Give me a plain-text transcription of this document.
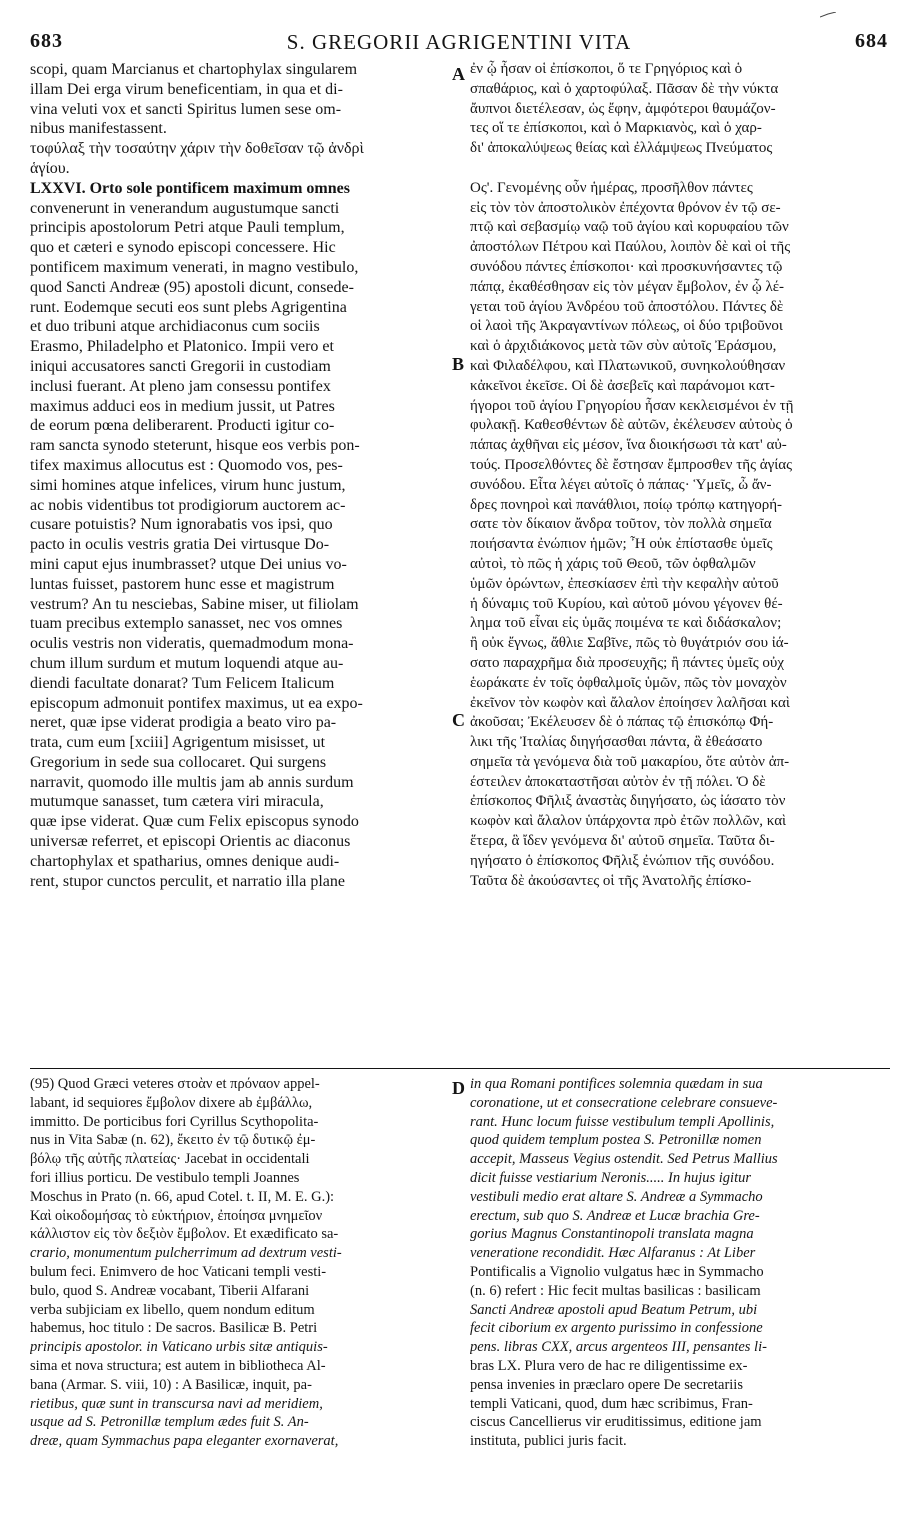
683	S. GREGORII AGRIGENTINI VITA	684
scopi, quam Marcianus et chartophylax singularem
illam Dei erga virum beneficentiam, in qua et di-
vina veluti vox et sancti Spiritus lumen sese om-
nibus manifestassent.
τοφύλαξ τὴν τοσαύτην χάριν τὴν δοθεῖσαν τῷ ἀνδρὶ
ἁγίου.
LXXVI. Orto sole pontificem maximum omnes
convenerunt in venerandum augustumque sancti
principis apostolorum Petri atque Pauli templum,
quo et cæteri e synodo episcopi concessere. Hic
pontificem maximum venerati, in magno vestibulo,
quod Sancti Andreæ (95) apostoli dicunt, consede-
runt. Eodemque secuti eos sunt plebs Agrigentina
et duo tribuni atque archidiaconus cum sociis
Erasmo, Philadelpho et Platonico. Impii vero et
iniqui accusatores sancti Gregorii in custodiam
inclusi fuerant. At pleno jam consessu pontifex
maximus adduci eos in medium jussit, ut Patres
de eorum pœna deliberarent. Producti igitur co-
ram sancta synodo steterunt, hisque eos verbis pon-
tifex maximus allocutus est : Quomodo vos, pes-
simi homines atque infelices, virum hunc justum,
ac nobis videntibus tot prodigiorum auctorem ac-
cusare potuistis? Num ignorabatis vos ipsi, quo
pacto in oculis vestris gratia Dei virtusque Do-
mini caput ejus inumbrasset? utque Dei unius vo-
luntas fuisset, pastorem hunc esse et magistrum
vestrum? An tu nesciebas, Sabine miser, ut filiolam
tuam precibus extemplo sanasset, nec vos omnes
oculis vestris non videratis, quemadmodum mona-
chum illum surdum et mutum loquendi atque au-
diendi facultate donarat? Tum Felicem Italicum
episcopum admonuit pontifex maximus, ut ea expo-
neret, quæ ipse viderat prodigia a beato viro pa-
trata, cum eum [xciii] Agrigentum misisset, ut
Gregorium in sede sua collocaret. Qui surgens
narravit, quomodo ille multis jam ab annis surdum
mutumque sanasset, tum cætera viri miracula,
quæ ipse viderat. Quæ cum Felix episcopus synodo
universæ referret, et episcopi Orientis ac diaconus
chartophylax et spatharius, omnes denique audi-
rent, stupor cunctos perculit, et narratio illa plane
ἐν ᾧ ἦσαν οἱ ἐπίσκοποι, ὅ τε Γρηγόριος καὶ ὁ
σπαθάριος, καὶ ὁ χαρτοφύλαξ. Πᾶσαν δὲ τὴν νύκτα
ἄυπνοι διετέλεσαν, ὡς ἔφην, ἀμφότεροι θαυμάζον-
τες οἵ τε ἐπίσκοποι, καὶ ὁ Μαρκιανὸς, καὶ ὁ χαρ-
δι' ἀποκαλύψεως θείας καὶ ἐλλάμψεως Πνεύματος

Ος'. Γενομένης οὖν ἡμέρας, προσῆλθον πάντες
εἰς τὸν τὸν ἀποστολικὸν ἐπέχοντα θρόνον ἐν τῷ σε-
πτῷ καὶ σεβασμίῳ ναῷ τοῦ ἁγίου καὶ κορυφαίου τῶν
ἀποστόλων Πέτρου καὶ Παύλου, λοιπὸν δὲ καὶ οἱ τῆς
συνόδου πάντες ἐπίσκοποι· καὶ προσκυνήσαντες τῷ
πάπᾳ, ἐκαθέσθησαν εἰς τὸν μέγαν ἔμβολον, ἐν ᾧ λέ-
γεται τοῦ ἁγίου Ἀνδρέου τοῦ ἀποστόλου. Πάντες δὲ
οἱ λαοὶ τῆς Ἀκραγαντίνων πόλεως, οἱ δύο τριβοῦνοι
καὶ ὁ ἀρχιδιάκονος μετὰ τῶν σὺν αὐτοῖς Ἐράσμου,
καὶ Φιλαδέλφου, καὶ Πλατωνικοῦ, συνηκολούθησαν
κἀκεῖνοι ἐκεῖσε. Οἱ δὲ ἀσεβεῖς καὶ παράνομοι κατ-
ήγοροι τοῦ ἁγίου Γρηγορίου ἦσαν κεκλεισμένοι ἐν τῇ
φυλακῇ. Καθεσθέντων δὲ αὐτῶν, ἐκέλευσεν αὐτοὺς ὁ
πάπας ἀχθῆναι εἰς μέσον, ἵνα διοικήσωσι τὰ κατ' αὐ-
τούς. Προσελθόντες δὲ ἔστησαν ἔμπροσθεν τῆς ἁγίας
συνόδου. Εἶτα λέγει αὐτοῖς ὁ πάπας· Ὑμεῖς, ὦ ἄν-
δρες πονηροὶ καὶ πανάθλιοι, ποίῳ τρόπῳ κατηγορή-
σατε τὸν δίκαιον ἄνδρα τοῦτον, τὸν πολλὰ σημεῖα
ποιήσαντα ἐνώπιον ἡμῶν; Ἦ οὐκ ἐπίστασθε ὑμεῖς
αὐτοὶ, τὸ πῶς ἡ χάρις τοῦ Θεοῦ, τῶν ὀφθαλμῶν
ὑμῶν ὁρώντων, ἐπεσκίασεν ἐπὶ τὴν κεφαλὴν αὐτοῦ
ἡ δύναμις τοῦ Κυρίου, καὶ αὐτοῦ μόνου γέγονεν θέ-
λημα τοῦ εἶναι εἰς ὑμᾶς ποιμένα τε καὶ διδάσκαλον;
ἢ οὐκ ἔγνως, ἄθλιε Σαβῖνε, πῶς τὸ θυγάτριόν σου ἰά-
σατο παραχρῆμα διὰ προσευχῆς; ἢ πάντες ὑμεῖς οὐχ
ἑωράκατε ἐν τοῖς ὀφθαλμοῖς ὑμῶν, πῶς τὸν μοναχὸν
ἐκεῖνον τὸν κωφὸν καὶ ἄλαλον ἐποίησεν λαλῆσαι καὶ
ἀκοῦσαι; Ἐκέλευσεν δὲ ὁ πάπας τῷ ἐπισκόπῳ Φή-
λικι τῆς Ἰταλίας διηγήσασθαι πάντα, ἃ ἐθεάσατο
σημεῖα τὰ γενόμενα διὰ τοῦ μακαρίου, ὅτε αὐτὸν ἀπ-
έστειλεν ἀποκαταστῆσαι αὐτὸν ἐν τῇ πόλει. Ὁ δὲ
ἐπίσκοπος Φῆλιξ ἀναστὰς διηγήσατο, ὡς ἰάσατο τὸν
κωφὸν καὶ ἄλαλον ὑπάρχοντα πρὸ ἐτῶν πολλῶν, καὶ
ἕτερα, ἃ ἴδεν γενόμενα δι' αὐτοῦ σημεῖα. Ταῦτα δι-
ηγήσατο ὁ ἐπίσκοπος Φῆλιξ ἐνώπιον τῆς συνόδου.
Ταῦτα δὲ ἀκούσαντες οἱ τῆς Ἀνατολῆς ἐπίσκο-
A
B
C
D
(95) Quod Græci veteres στοὰν et πρόναον appel-
labant, id sequiores ἔμβολον dixere ab ἐμβάλλω,
immitto. De porticibus fori Cyrillus Scythopolita-
nus in Vita Sabæ (n. 62), ἔκειτο ἐν τῷ δυτικῷ ἐμ-
βόλῳ τῆς αὐτῆς πλατείας· Jacebat in occidentali
fori illius porticu. De vestibulo templi Joannes
Moschus in Prato (n. 66, apud Cotel. t. II, M. E. G.):
Καὶ οἰκοδομήσας τὸ εὐκτήριον, ἐποίησα μνημεῖον
κάλλιστον εἰς τὸν δεξιὸν ἔμβολον. Et exædificato sa-
crario, monumentum pulcherrimum ad dextrum vesti-
bulum feci. Enimvero de hoc Vaticani templi vesti-
bulo, quod S. Andreæ vocabant, Tiberii Alfarani
verba subjiciam ex libello, quem nondum editum
habemus, hoc titulo : De sacros. Basilicæ B. Petri
principis apostolor. in Vaticano urbis sitæ antiquis-
sima et nova structura; est autem in bibliotheca Al-
bana (Armar. S. viii, 10) : A Basilicæ, inquit, pa-
rietibus, quæ sunt in transcursa navi ad meridiem,
usque ad S. Petronillæ templum ædes fuit S. An-
dreæ, quam Symmachus papa eleganter exornaverat,
in qua Romani pontifices solemnia quædam in sua
coronatione, ut et consecratione celebrare consueve-
rant. Hunc locum fuisse vestibulum templi Apollinis,
quod quidem templum postea S. Petronillæ nomen
accepit, Masseus Vegius ostendit. Sed Petrus Mallius
dicit fuisse vestiarium Neronis..... In hujus igitur
vestibuli medio erat altare S. Andreæ a Symmacho
erectum, sub quo S. Andreæ et Lucæ brachia Gre-
gorius Magnus Constantinopoli translata magna
veneratione recondidit. Hæc Alfaranus : At Liber
Pontificalis a Vignolio vulgatus hæc in Symmacho
(n. 6) refert : Hic fecit multas basilicas : basilicam
Sancti Andreæ apostoli apud Beatum Petrum, ubi
fecit ciborium ex argento purissimo in confessione
pens. libras CXX, arcus argenteos III, pensantes li-
bras LX. Plura vero de hac re diligentissime ex-
pensa invenies in præclaro opere De secretariis
templi Vaticani, quod, dum hæc scribimus, Fran-
ciscus Cancellierus vir eruditissimus, editione jam
instituta, publici juris facit.
